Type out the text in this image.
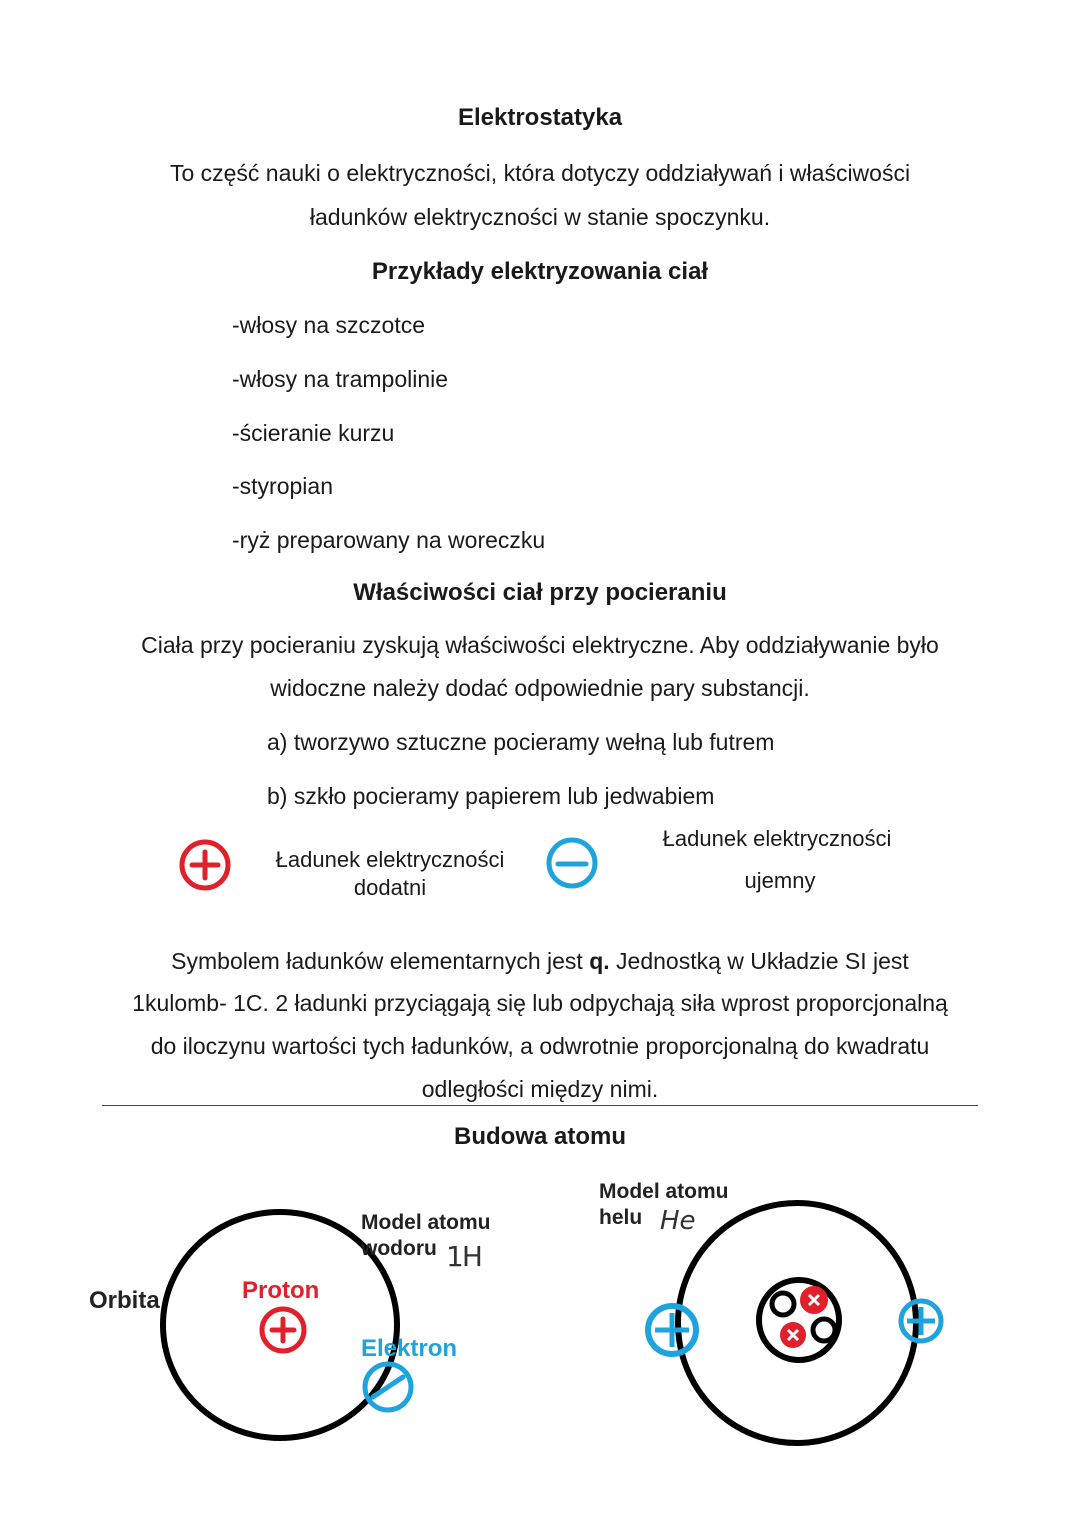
Elektrostatyka
To część nauki o elektryczności, która dotyczy oddziaływań i właściwości
ładunków elektryczności w stanie spoczynku.
Przykłady elektryzowania ciał
-włosy na szczotce
-włosy na trampolinie
-ścieranie kurzu
-styropian
-ryż preparowany na woreczku
Właściwości ciał przy pocieraniu
Ciała przy pocieraniu zyskują właściwości elektryczne. Aby oddziaływanie było
widoczne należy dodać odpowiednie pary substancji.
a) tworzywo sztuczne pocieramy wełną lub futrem
b) szkło pocieramy papierem lub jedwabiem
Ładunek elektryczności
dodatni
Ładunek elektryczności
ujemny
Symbolem ładunków elementarnych jest q. Jednostką w Układzie SI jest
1kulomb- 1C. 2 ładunki przyciągają się lub odpychają siła wprost proporcjonalną
do iloczynu wartości tych ładunków, a odwrotnie proporcjonalną do kwadratu
odległości między nimi.
Budowa atomu
Orbita	Proton
Elektron
Model atomu
wodoru 1H
Model atomu
helu He
